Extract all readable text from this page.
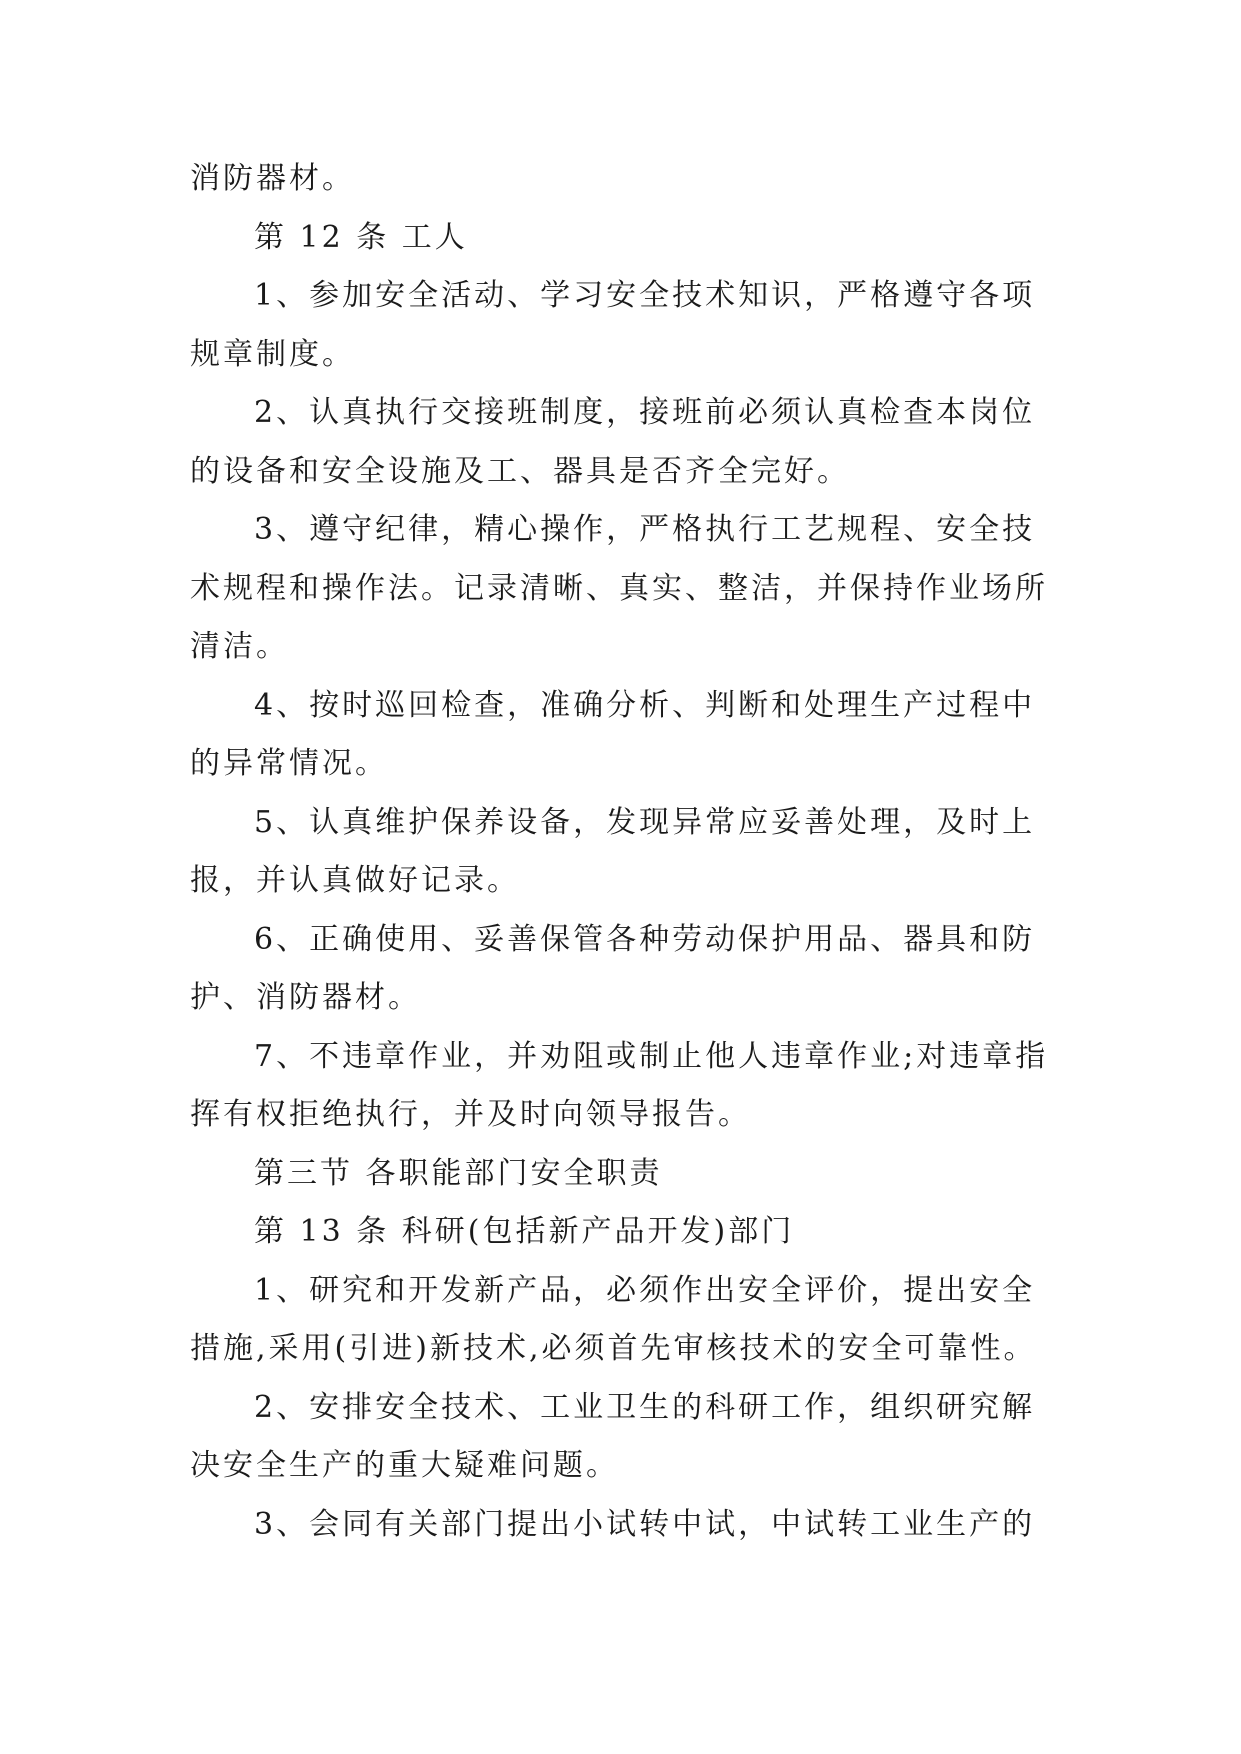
消防器材。
第 12 条 工人
1、参加安全活动、学习安全技术知识，严格遵守各项
规章制度。
2、认真执行交接班制度，接班前必须认真检查本岗位
的设备和安全设施及工、器具是否齐全完好。
3、遵守纪律，精心操作，严格执行工艺规程、安全技
术规程和操作法。记录清晰、真实、整洁，并保持作业场所
清洁。
4、按时巡回检查，准确分析、判断和处理生产过程中
的异常情况。
5、认真维护保养设备，发现异常应妥善处理，及时上
报，并认真做好记录。
6、正确使用、妥善保管各种劳动保护用品、器具和防
护、消防器材。
7、不违章作业，并劝阻或制止他人违章作业;对违章指
挥有权拒绝执行，并及时向领导报告。
第三节 各职能部门安全职责
第 13 条 科研(包括新产品开发)部门
1、研究和开发新产品，必须作出安全评价，提出安全
措施,采用(引进)新技术,必须首先审核技术的安全可靠性。
2、安排安全技术、工业卫生的科研工作，组织研究解
决安全生产的重大疑难问题。
3、会同有关部门提出小试转中试，中试转工业生产的
